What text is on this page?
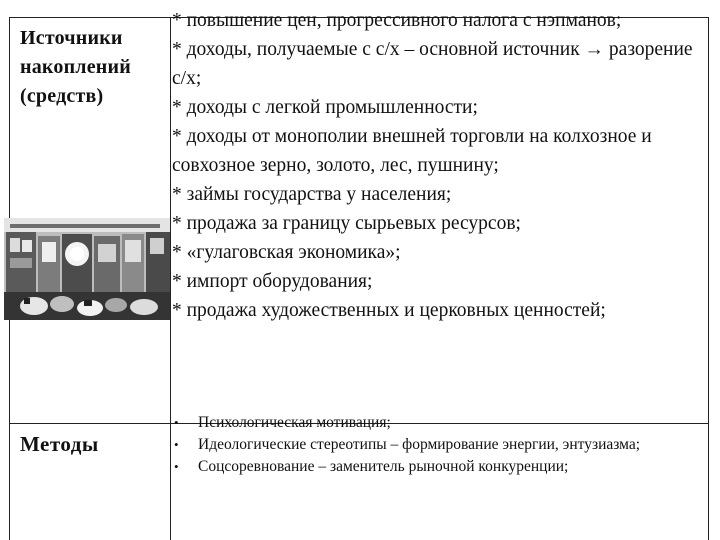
Источники накоплений (средств)
Методы
* повышение цен, прогрессивного налога с нэпманов;
* доходы, получаемые с с/х – основной источник → разорение с/х;
* доходы с легкой промышленности;
* доходы от монополии внешней торговли на колхозное и совхозное зерно, золото, лес, пушнину;
* займы государства у населения;
* продажа за границу сырьевых ресурсов;
* «гулаговская экономика»;
* импорт оборудования;
* продажа художественных и церковных ценностей;
• Психологическая мотивация;
• Идеологические стереотипы – формирование энергии, энтузиазма;
• Соцсоревнование – заменитель рыночной конкуренции;
